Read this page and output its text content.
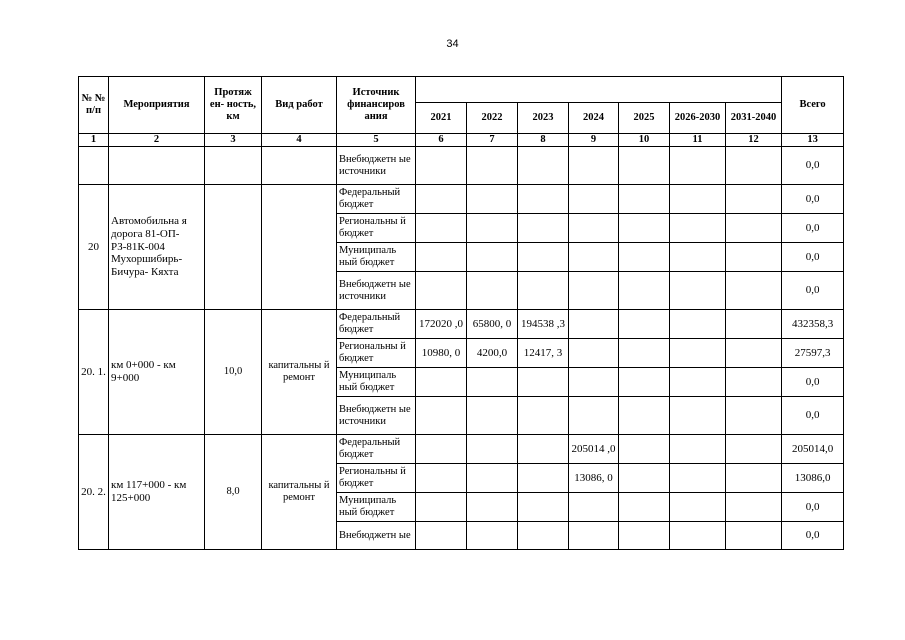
34
№ № п/п	Мероприятия	Протяж ен- ность, км	Вид работ	Источник финансиров ания								Всего
					2021	2022	2023	2024	2025	2026-2030	2031-2040	
1	2	3	4	5	6	7	8	9	10	11	12	13
				Внебюджетн ые источники								0,0
20	Автомобильна я дорога 81-ОП-РЗ-81К-004 Мухоршибирь-Бичура- Кяхта			Федеральный бюджет								0,0
				Региональны й бюджет								0,0
				Муниципаль ный бюджет								0,0
				Внебюджетн ые источники								0,0
20. 1.	км 0+000 - км 9+000	10,0	капитальны й ремонт	Федеральный бюджет	172020 ,0	65800, 0	194538 ,3					432358,3
				Региональны й бюджет	10980, 0	4200,0	12417, 3					27597,3
				Муниципаль ный бюджет								0,0
				Внебюджетн ые источники								0,0
20. 2.	км 117+000 - км 125+000	8,0	капитальны й ремонт	Федеральный бюджет				205014 ,0				205014,0
				Региональны й бюджет				13086, 0				13086,0
				Муниципаль ный бюджет								0,0
				Внебюджетн ые								0,0
